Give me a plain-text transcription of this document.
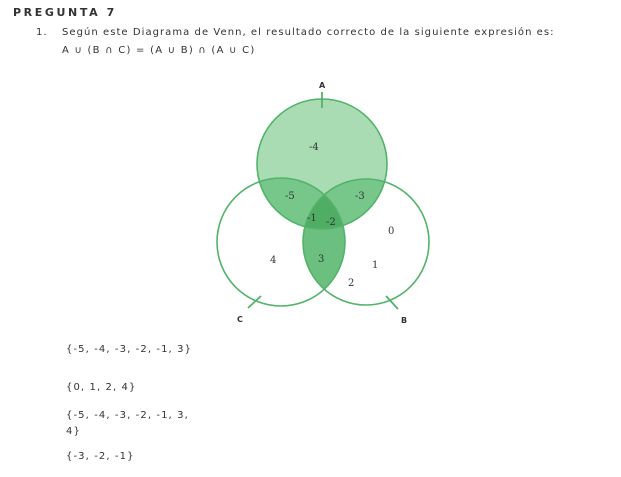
PREGUNTA 7
1. Según este Diagrama de Venn, el resultado correcto de la siguiente expresión es:
A ∪ (B ∩ C) = (A ∪ B) ∩ (A ∪ C)
A
C	B
-4
-5	-3
-1 -2
3
4
0
1
2
{-5, -4, -3, -2, -1, 3}
{0, 1, 2, 4}
{-5, -4, -3, -2, -1, 3, 4}
{-3, -2, -1}
